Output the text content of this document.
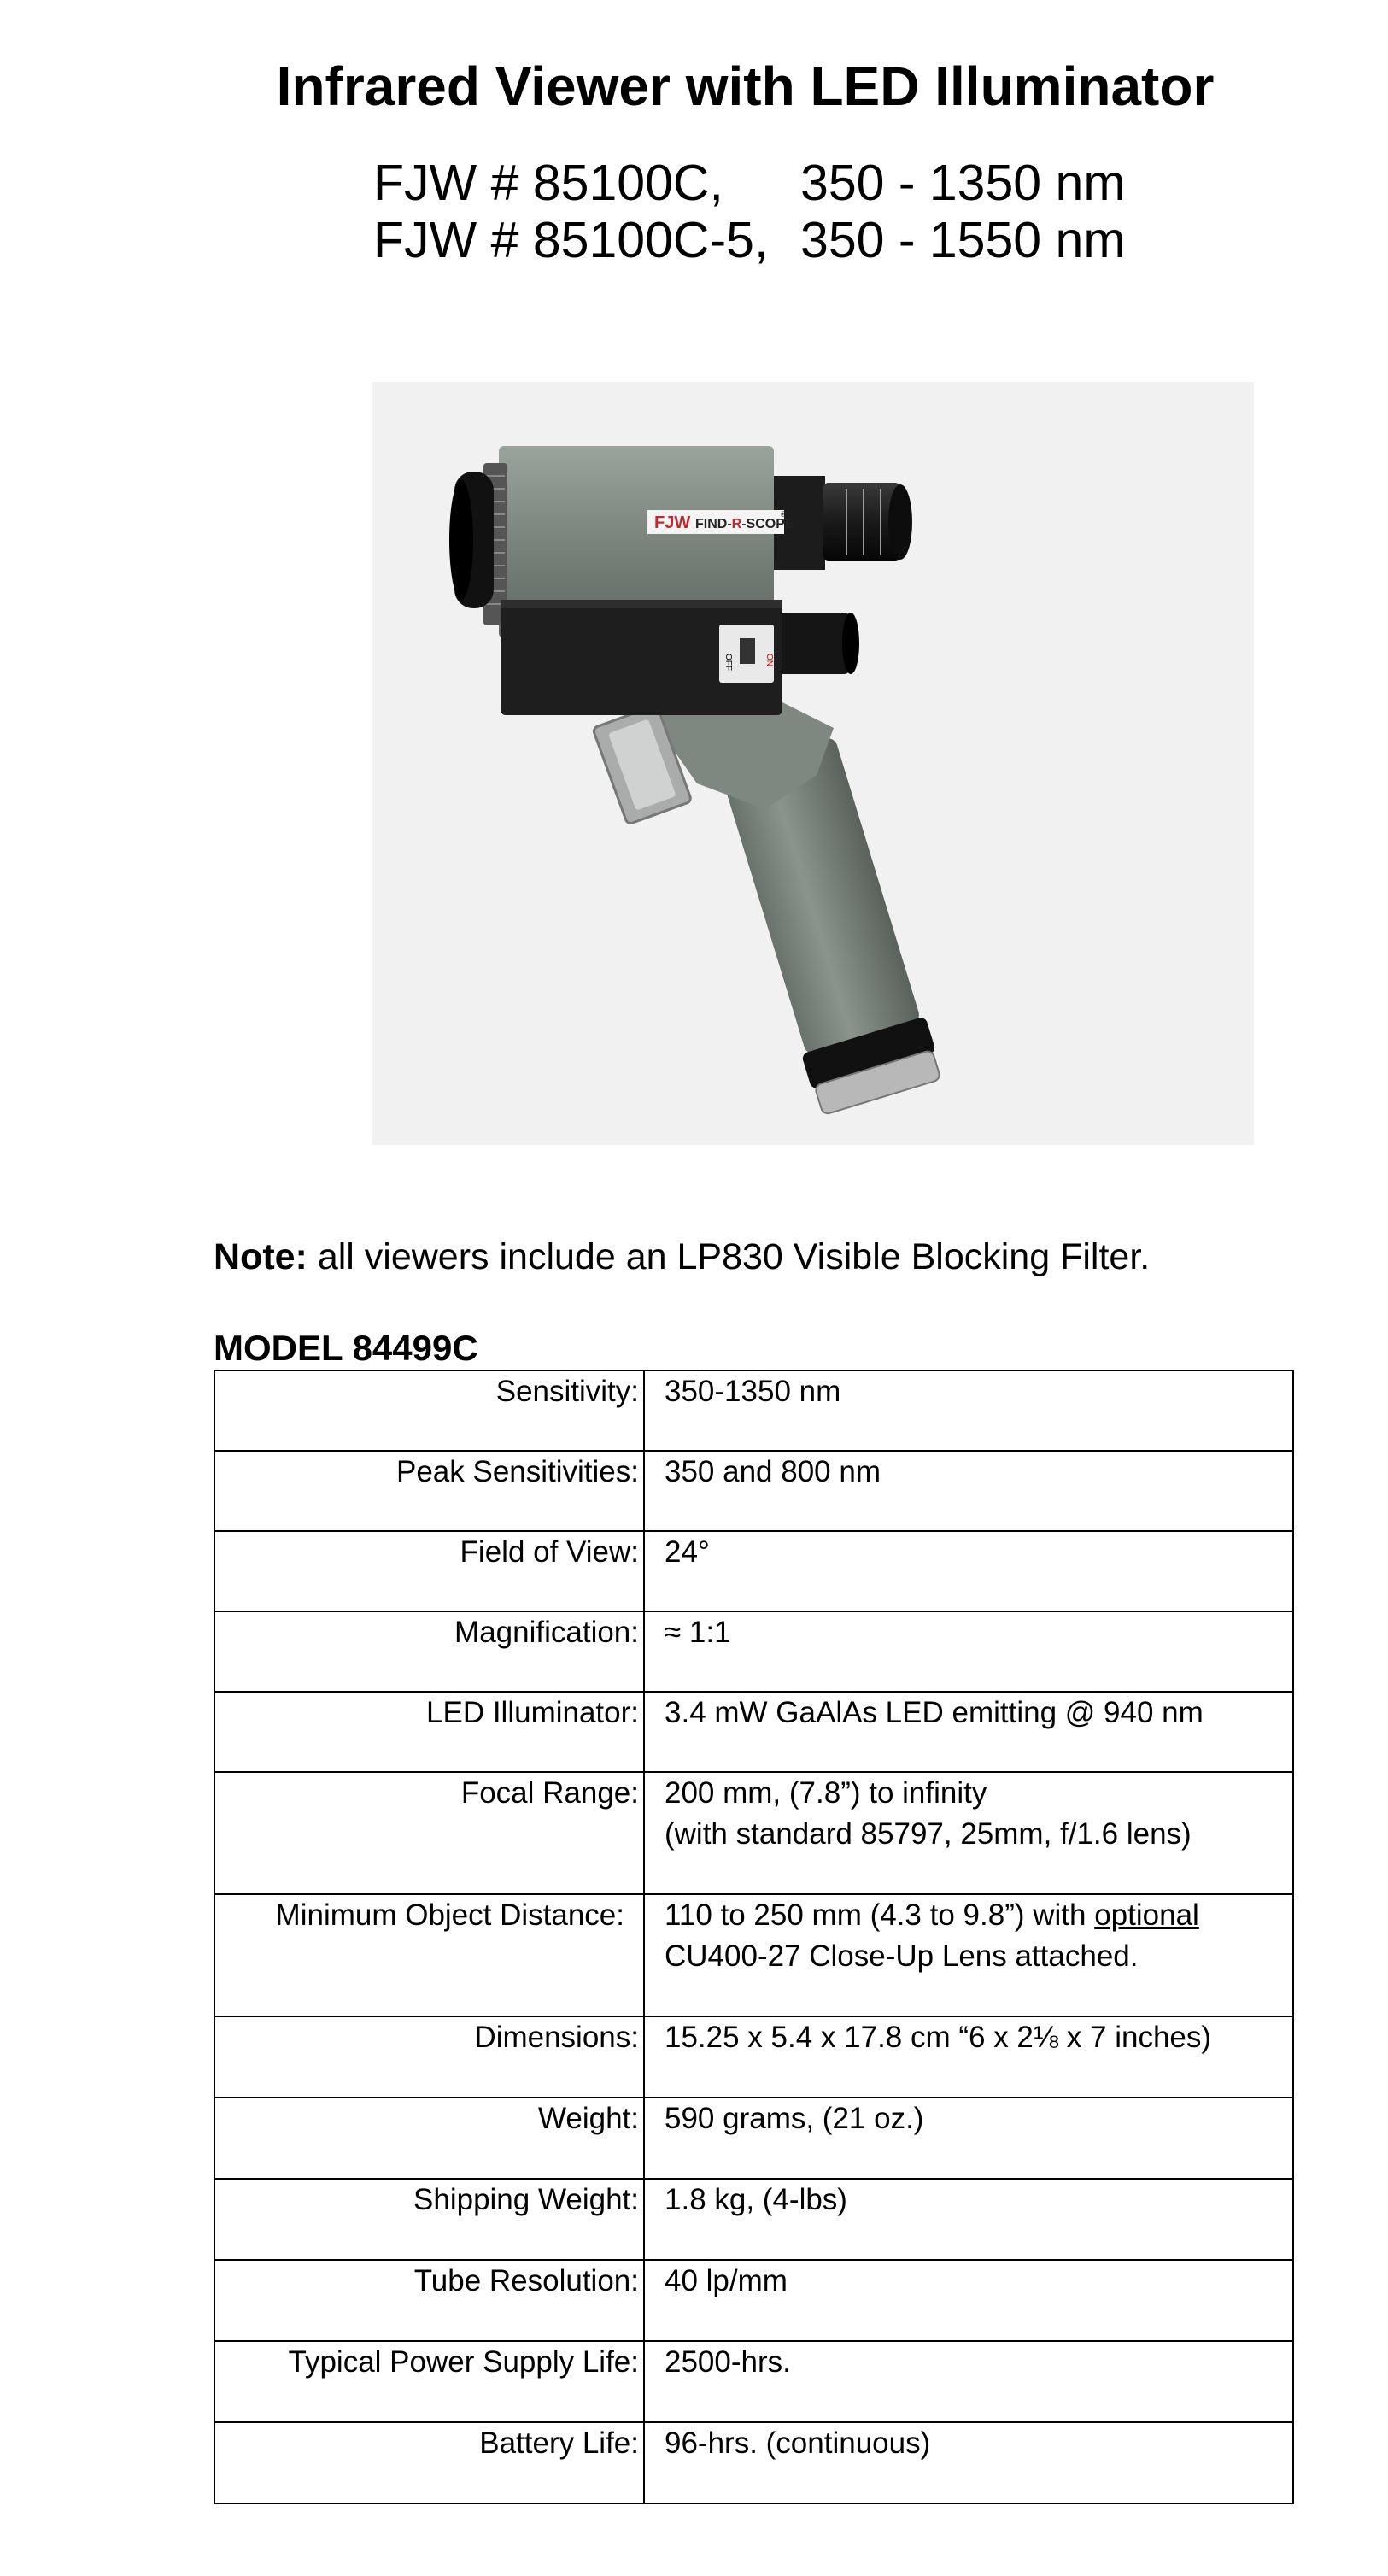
Infrared Viewer with LED Illuminator
FJW # 85100C, 350 - 1350 nm
FJW # 85100C-5, 350 - 1550 nm
ON
OFF
FJW FIND-R-SCOPE
®
Note: all viewers include an LP830 Visible Blocking Filter.
MODEL 84499C
Sensitivity:	350-1350 nm

Peak Sensitivities:	350 and 800 nm

Field of View:	24°

Magnification:	≈ 1:1

LED Illuminator:	3.4 mW GaAlAs LED emitting @ 940 nm

Focal Range:	200 mm, (7.8”) to infinity
(with standard 85797, 25mm, f/1.6 lens)

Minimum Object Distance:	110 to 250 mm (4.3 to 9.8”) with optional
CU400-27 Close-Up Lens attached.

Dimensions:	15.25 x 5.4 x 17.8 cm “6 x 2⅛ x 7 inches)

Weight:	590 grams, (21 oz.)

Shipping Weight:	1.8 kg, (4-lbs)

Tube Resolution:	40 lp/mm

Typical Power Supply Life:	2500-hrs.

Battery Life:	96-hrs. (continuous)
